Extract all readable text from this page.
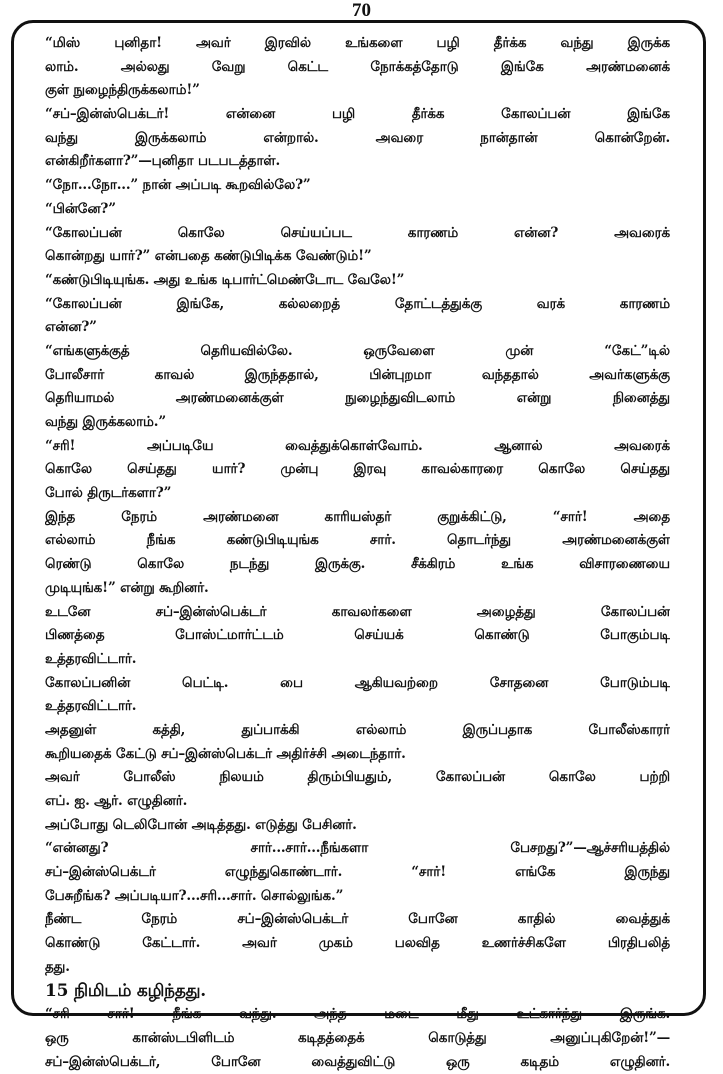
70
“மிஸ் புனிதா! அவர் இரவில் உங்களை பழி தீர்க்க வந்து இருக்க
லாம். அல்லது வேறு கெட்ட நோக்கத்தோடு இங்கே அரண்மனைக்
குள் நுழைந்திருக்கலாம்!”
“சப்–இன்ஸ்பெக்டர்! என்னை பழி தீர்க்க கோலப்பன் இங்கே
வந்து இருக்கலாம் என்றால். அவரை நான்தான் கொன்றேன்.
என்கிறீர்களா?”—புனிதா படபடத்தாள்.
“நோ...நோ...” நான் அப்படி கூறவில்லே?”
“பின்னே?”
“கோலப்பன் கொலே செய்யப்பட காரணம் என்ன? அவரைக்
கொன்றது யார்?” என்பதை கண்டுபிடிக்க வேண்டும்!”
“கண்டுபிடியுங்க. அது உங்க டிபார்ட்மெண்டோட வேலே!”
“கோலப்பன் இங்கே, கல்லறைத் தோட்டத்துக்கு வரக் காரணம்
என்ன?”
“எங்களுக்குத் தெரியவில்லே. ஒருவேளை முன் “கேட்”டில்
போலீசார் காவல் இருந்ததால், பின்புறமா வந்ததால் அவர்களுக்கு
தெரியாமல் அரண்மனைக்குள் நுழைந்துவிடலாம் என்று நினைத்து
வந்து இருக்கலாம்.”
“சரி! அப்படியே வைத்துக்கொள்வோம். ஆனால் அவரைக்
கொலே செய்தது யார்? முன்பு இரவு காவல்காரரை கொலே செய்தது
போல் திருடர்களா?”
இந்த நேரம் அரண்மனை காரியஸ்தர் குறுக்கிட்டு, “சார்! அதை
எல்லாம் நீங்க கண்டுபிடியுங்க சார். தொடர்ந்து அரண்மனைக்குள்
ரெண்டு கொலே நடந்து இருக்கு. சீக்கிரம் உங்க விசாரணையை
முடியுங்க!” என்று கூறினர்.
உடனே சப்–இன்ஸ்பெக்டர் காவலர்களை அழைத்து கோலப்பன்
பிணத்தை போஸ்ட்மார்ட்டம் செய்யக் கொண்டு போகும்படி
உத்தரவிட்டார்.
கோலப்பனின் பெட்டி. பை ஆகியவற்றை சோதனை போடும்படி
உத்தரவிட்டார்.
அதனுள் கத்தி, துப்பாக்கி எல்லாம் இருப்பதாக போலீஸ்காரர்
கூறியதைக் கேட்டு சப்–இன்ஸ்பெக்டர் அதிர்ச்சி அடைந்தார்.
அவர் போலீஸ் நிலயம் திரும்பியதும், கோலப்பன் கொலே பற்றி
எப். ஐ. ஆர். எழுதினர்.
அப்போது டெலிபோன் அடித்தது. எடுத்து பேசினர்.
“என்னது? சார்...சார்...நீங்களா பேசறது?”—ஆச்சரியத்தில்
சப்–இன்ஸ்பெக்டர் எழுந்துகொண்டார். “சார்! எங்கே இருந்து
பேசுறீங்க? அப்படியா?...சரி...சார். சொல்லுங்க.”
நீண்ட நேரம் சப்–இன்ஸ்பெக்டர் போனே காதில் வைத்துக்
கொண்டு கேட்டார். அவர் முகம் பலவித உணர்ச்சிகளே பிரதிபலித்
தது.
15 நிமிடம் கழிந்தது.
“சரி சார்! நீங்க வந்து. அந்த மடை மீது உட்கார்ந்து இருங்க.
ஒரு கான்ஸ்டபிளிடம் கடிதத்தைக் கொடுத்து அனுப்புகிறேன்!”—
சப்–இன்ஸ்பெக்டர், போனே வைத்துவிட்டு ஒரு கடிதம் எழுதினர்.
